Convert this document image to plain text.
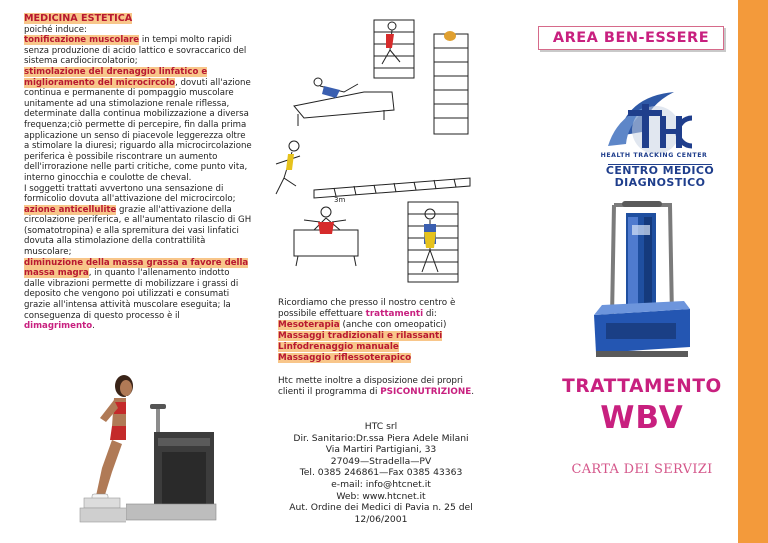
MEDICINA ESTETICA

poiché induce:

tonificazione muscolare in tempi molto rapidi senza produzione di acido lattico e sovraccarico del sistema cardiocircolatorio;

stimolazione del drenaggio linfatico e miglioramento del microcircolo, dovuti all'azione continua e permanente di pompaggio muscolare unitamente ad una stimolazione renale riflessa, determinate dalla continua mobilizzazione a diversa frequenza;ciò permette di percepire, fin dalla prima applicazione un senso di piacevole leggerezza oltre a stimolare la diuresi; riguardo alla microcircolazione periferica è possibile riscontrare un aumento dell'irrorazione nelle parti critiche, come punto vita, interno ginocchia e coulotte de cheval.

I soggetti trattati avvertono una sensazione di formicolio dovuta all'attivazione del microcircolo;

azione anticellulite grazie all'attivazione della circolazione periferica, e all'aumentato rilascio di GH (somatotropina) e alla spremitura dei vasi linfatici dovuta alla stimolazione della contrattilità muscolare;

diminuzione della massa grassa a favore della massa magra, in quanto l'allenamento indotto dalle vibrazioni permette di mobilizzare i grassi di deposito che vengono poi utilizzati e consumati grazie all'intensa attività muscolare eseguita; la conseguenza di questo processo è il dimagrimento.

3m

Ricordiamo che presso il nostro centro è possibile effettuare trattamenti di:

Mesoterapia (anche con omeopatici)

Massaggi tradizionali e rilassanti

Linfodrenaggio manuale

Massaggio riflessoterapico

Htc mette inoltre a disposizione dei propri clienti il programma di PSICONUTRIZIONE.

HTC srl
Dir. Sanitario:Dr.ssa Piera Adele Milani
Via Martiri Partigiani, 33
27049—Stradella—PV
Tel. 0385 246861—Fax 0385 43363
e-mail: info@htcnet.it
Web: www.htcnet.it
Aut. Ordine dei Medici di Pavia n. 25 del
12/06/2001
AREA BEN-ESSERE
HEALTH TRACKING CENTER
CENTRO MEDICO
DIAGNOSTICO
TRATTAMENTO
WBV
CARTA DEI SERVIZI
